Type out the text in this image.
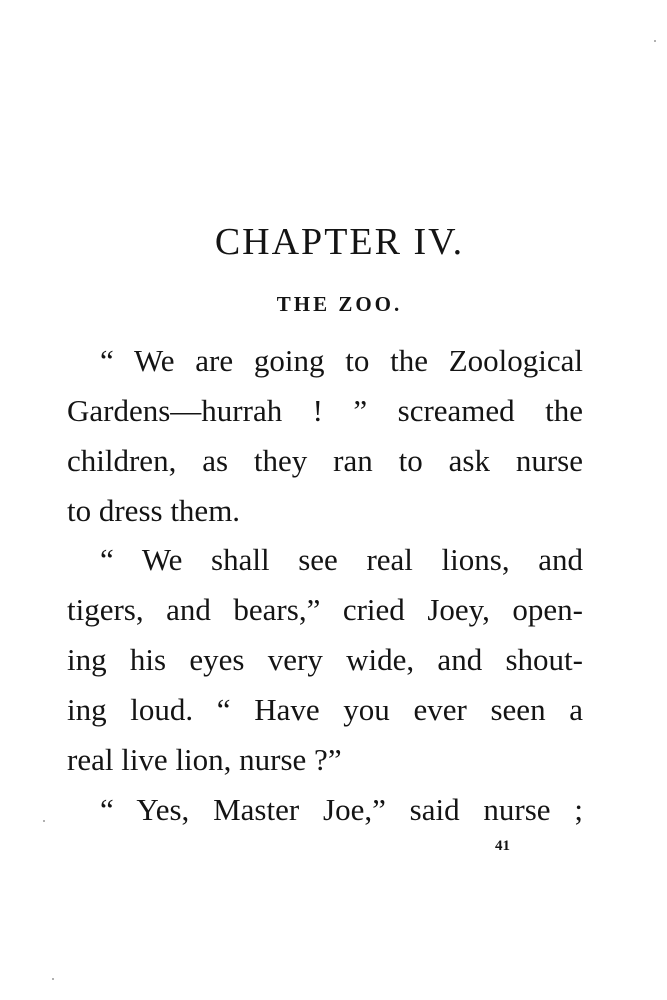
CHAPTER IV.
THE ZOO.
“ We are going to the Zoological
Gardens—hurrah ! ” screamed the
children, as they ran to ask nurse
to dress them.
“ We shall see real lions, and
tigers, and bears,” cried Joey, open-
ing his eyes very wide, and shout-
ing loud. “ Have you ever seen a
real live lion, nurse ?”
“ Yes, Master Joe,” said nurse ;
41
